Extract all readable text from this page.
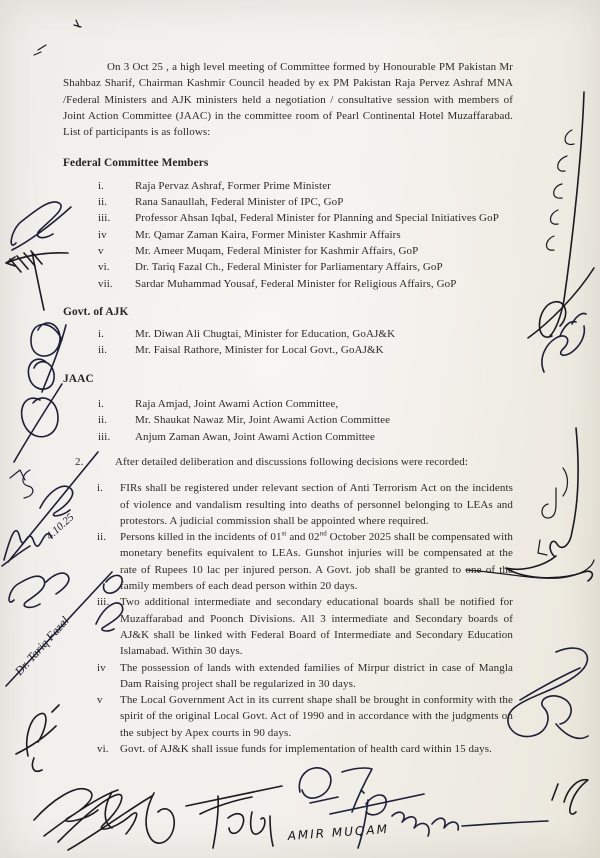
On 3 Oct 25 , a high level meeting of Committee formed by Honourable PM Pakistan Mr Shahbaz Sharif, Chairman Kashmir Council headed by ex PM Pakistan Raja Pervez Ashraf MNA /Federal Ministers and AJK ministers held a negotiation / consultative session with members of Joint Action Committee (JAAC) in the committee room of Pearl Continental Hotel Muzaffarabad. List of participants is as follows:

Federal Committee Members
i.	Raja Pervaz Ashraf, Former Prime Minister
ii.	Rana Sanaullah, Federal Minister of IPC, GoP
iii.	Professor Ahsan Iqbal, Federal Minister for Planning and Special Initiatives GoP
iv	Mr. Qamar Zaman Kaira, Former Minister Kashmir Affairs
v	Mr. Ameer Muqam, Federal Minister for Kashmir Affairs, GoP
vi.	Dr. Tariq Fazal Ch., Federal Minister for Parliamentary Affairs, GoP
vii.	Sardar Muhammad Yousaf, Federal Minister for Religious Affairs, GoP
Govt. of AJK
i.	Mr. Diwan Ali Chugtai, Minister for Education, GoAJ&K
ii.	Mr. Faisal Rathore, Minister for Local Govt., GoAJ&K
JAAC
i.	Raja Amjad, Joint Awami Action Committee,
ii.	Mr. Shaukat Nawaz Mir, Joint Awami Action Committee
iii.	Anjum Zaman Awan, Joint Awami Action Committee
2.	After detailed deliberation and discussions following decisions were recorded:
i.	FIRs shall be registered under relevant section of Anti Terrorism Act on the incidents of violence and vandalism resulting into deaths of personnel belonging to LEAs and protestors. A judicial commission shall be appointed where required.
ii.	Persons killed in the incidents of 01st and 02nd October 2025 shall be compensated with monetary benefits equivalent to LEAs. Gunshot injuries will be compensated at the rate of Rupees 10 lac per injured person. A Govt. job shall be granted to one of the family members of each dead person within 20 days.
iii. Two additional intermediate and secondary educational boards shall be notified for Muzaffarabad and Poonch Divisions. All 3 intermediate and Secondary boards of AJ&K shall be linked with Federal Board of Intermediate and Secondary Education Islamabad. Within 30 days.
iv	The possession of lands with extended families of Mirpur district in case of Mangla Dam Raising project shall be regularized in 30 days.
v	The Local Government Act in its current shape shall be brought in conformity with the spirit of the original Local Govt. Act of 1990 and in accordance with the judgments on the subject by Apex courts in 90 days.
vi.	Govt. of AJ&K shall issue funds for implementation of health card within 15 days.
4.10.25
Dr. Tariq Fazal
AMIR MUQAM
